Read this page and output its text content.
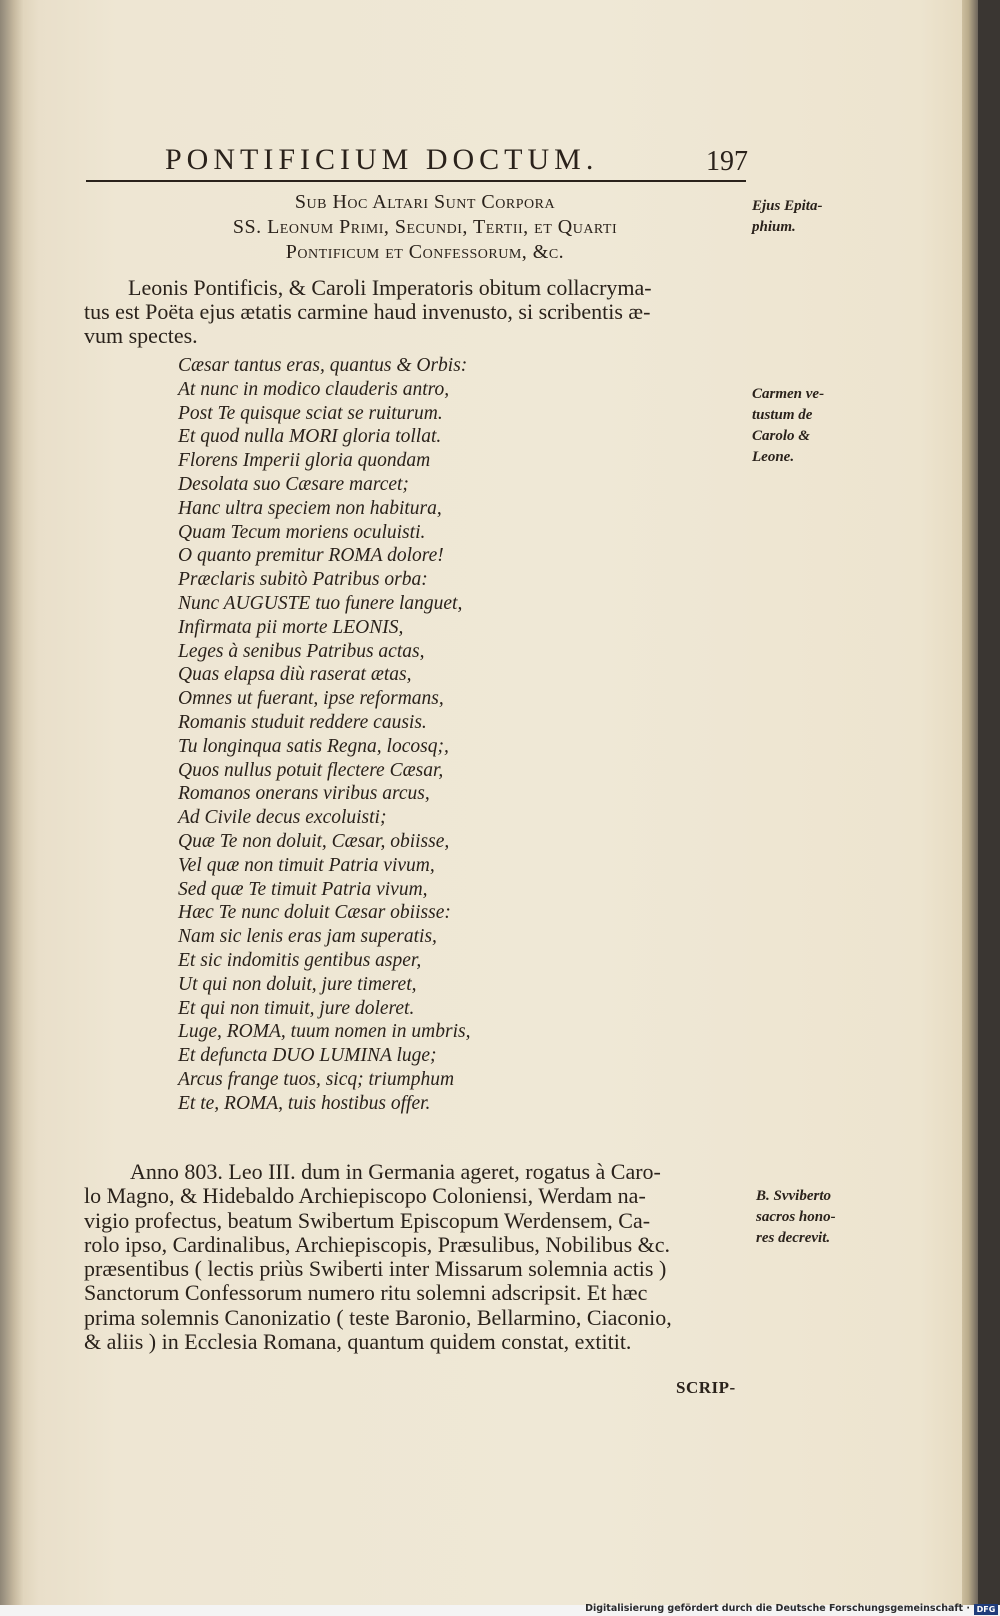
PONTIFICIUM DOCTUM.	197
Sub Hoc Altari Sunt Corpora
SS. Leonum Primi, Secundi, Tertii, et Quarti
Pontificum et Confessorum, &c.
Ejus Epita-
phium.
Leonis Pontificis, & Caroli Imperatoris obitum collacryma-
tus est Poëta ejus ætatis carmine haud invenusto, si scribentis æ-
vum spectes.
Carmen ve-
tustum de
Carolo &
Leone.
Cæsar tantus eras, quantus & Orbis:
At nunc in modico clauderis antro,
Post Te quisque sciat se ruiturum.
Et quod nulla MORI gloria tollat.
Florens Imperii gloria quondam
Desolata suo Cæsare marcet;
Hanc ultra speciem non habitura,
Quam Tecum moriens oculuisti.
O quanto premitur ROMA dolore!
Præclaris subitò Patribus orba:
Nunc AUGUSTE tuo funere languet,
Infirmata pii morte LEONIS,
Leges à senibus Patribus actas,
Quas elapsa diù raserat ætas,
Omnes ut fuerant, ipse reformans,
Romanis studuit reddere causis.
Tu longinqua satis Regna, locosq;,
Quos nullus potuit flectere Cæsar,
Romanos onerans viribus arcus,
Ad Civile decus excoluisti;
Quæ Te non doluit, Cæsar, obiisse,
Vel quæ non timuit Patria vivum,
Sed quæ Te timuit Patria vivum,
Hæc Te nunc doluit Cæsar obiisse:
Nam sic lenis eras jam superatis,
Et sic indomitis gentibus asper,
Ut qui non doluit, jure timeret,
Et qui non timuit, jure doleret.
Luge, ROMA, tuum nomen in umbris,
Et defuncta DUO LUMINA luge;
Arcus frange tuos, sicq; triumphum
Et te, ROMA, tuis hostibus offer.
Anno 803. Leo III. dum in Germania ageret, rogatus à Caro-
lo Magno, & Hidebaldo Archiepiscopo Coloniensi, Werdam na-
vigio profectus, beatum Swibertum Episcopum Werdensem, Ca-
rolo ipso, Cardinalibus, Archiepiscopis, Præsulibus, Nobilibus &c.
præsentibus ( lectis priùs Swiberti inter Missarum solemnia actis )
Sanctorum Confessorum numero ritu solemni adscripsit. Et hæc
prima solemnis Canonizatio ( teste Baronio, Bellarmino, Ciaconio,
& aliis ) in Ecclesia Romana, quantum quidem constat, extitit.
B. Svviberto
sacros hono-
res decrevit.
SCRIP-
Digitalisierung gefördert durch die Deutsche Forschungsgemeinschaft · DFG
